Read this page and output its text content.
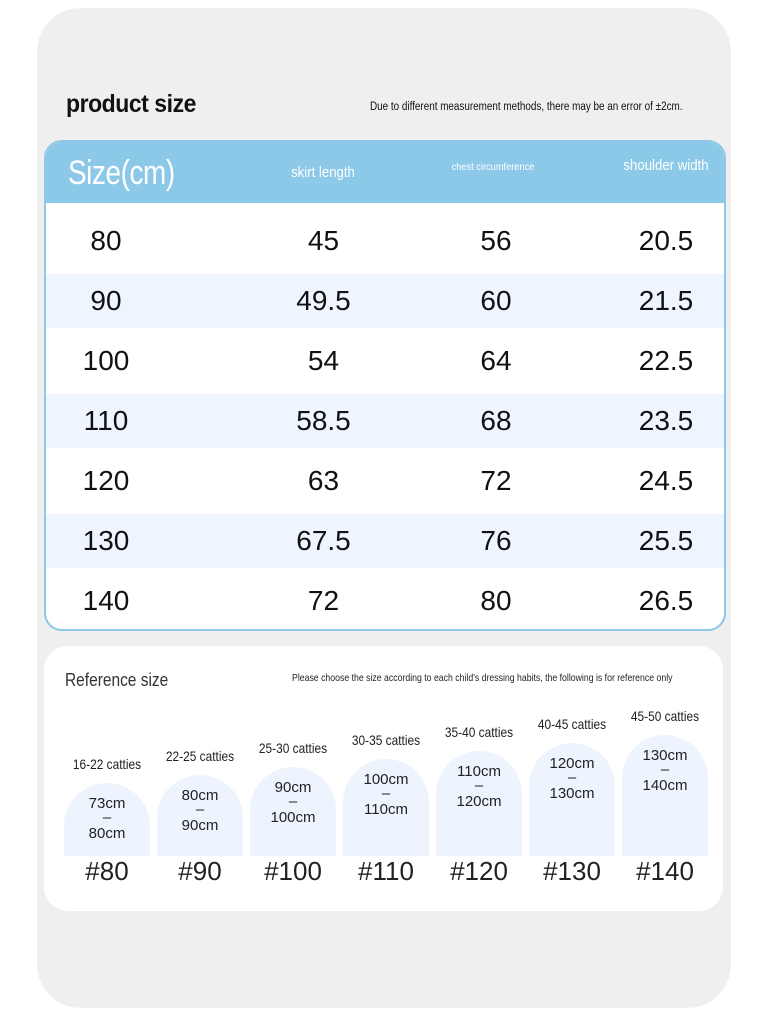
product size	Due to different measurement methods, there may be an error of ±2cm.
Size(cm)	skirt length	chest circumference	shoulder width
80	45	56	20.5
90	49.5	60	21.5
100	54	64	22.5
110	58.5	68	23.5
120	63	72	24.5
130	67.5	76	25.5
140	72	80	26.5
Reference size	Please choose the size according to each child's dressing habits, the following is for reference only
16-22 catties
73cm
–
80cm
#80
22-25 catties
80cm
–
90cm
#90
25-30 catties
90cm
–
100cm
#100
30-35 catties
100cm
–
110cm
#110
35-40 catties
110cm
–
120cm
#120
40-45 catties
120cm
–
130cm
#130
45-50 catties
130cm
–
140cm
#140
